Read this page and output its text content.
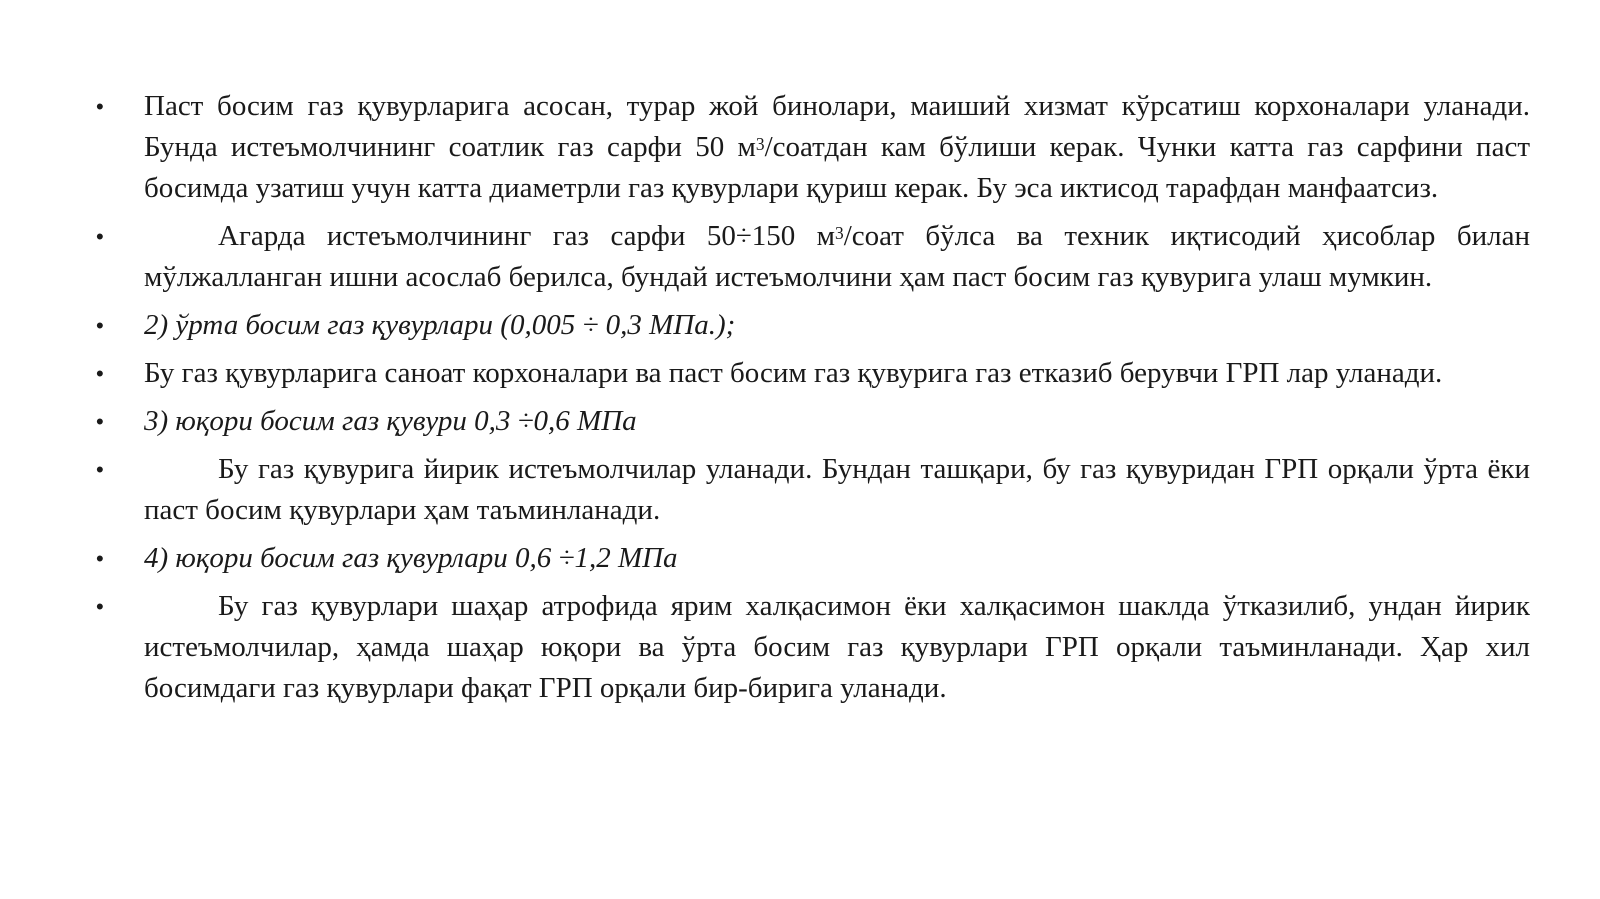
•	Паст босим газ қувурларига асосан, турар жой бинолари, маиший хизмат кўрсатиш корхоналари уланади. Бунда истеъмолчининг соатлик газ сарфи 50 $м^3$/соатдан кам бўлиши керак. Чунки катта газ сарфини паст босимда узатиш учун катта диаметрли газ қувурлари қуриш керак. Бу эса иктисод тарафдан манфаатсиз.
•	Агарда истеъмолчининг газ сарфи 50÷150 $м^3$/соат бўлса ва техник иқтисодий ҳисоблар билан мўлжалланган ишни асослаб берилса, бундай истеъмолчини ҳам паст босим газ қувурига улаш мумкин.
•	2) ўрта босим газ қувурлари (0,005 ÷ 0,3 МПа.);
•	Бу газ қувурларига саноат корхоналари ва паст босим газ қувурига газ етказиб берувчи ГРП лар уланади.
•	3) юқори босим газ қувури 0,3 ÷0,6 МПа
•	Бу газ қувурига йирик истеъмолчилар уланади. Бундан ташқари, бу газ қувуридан ГРП орқали ўрта ёки паст босим қувурлари ҳам таъминланади.
•	4) юқори босим газ қувурлари 0,6 ÷1,2 МПа
•	Бу газ қувурлари шаҳар атрофида ярим халқасимон ёки халқасимон шаклда ўтказилиб, ундан йирик истеъмолчилар, ҳамда шаҳар юқори ва ўрта босим газ қувурлари ГРП орқали таъминланади. Ҳар хил босимдаги газ қувурлари фақат ГРП орқали бир-бирига уланади.
